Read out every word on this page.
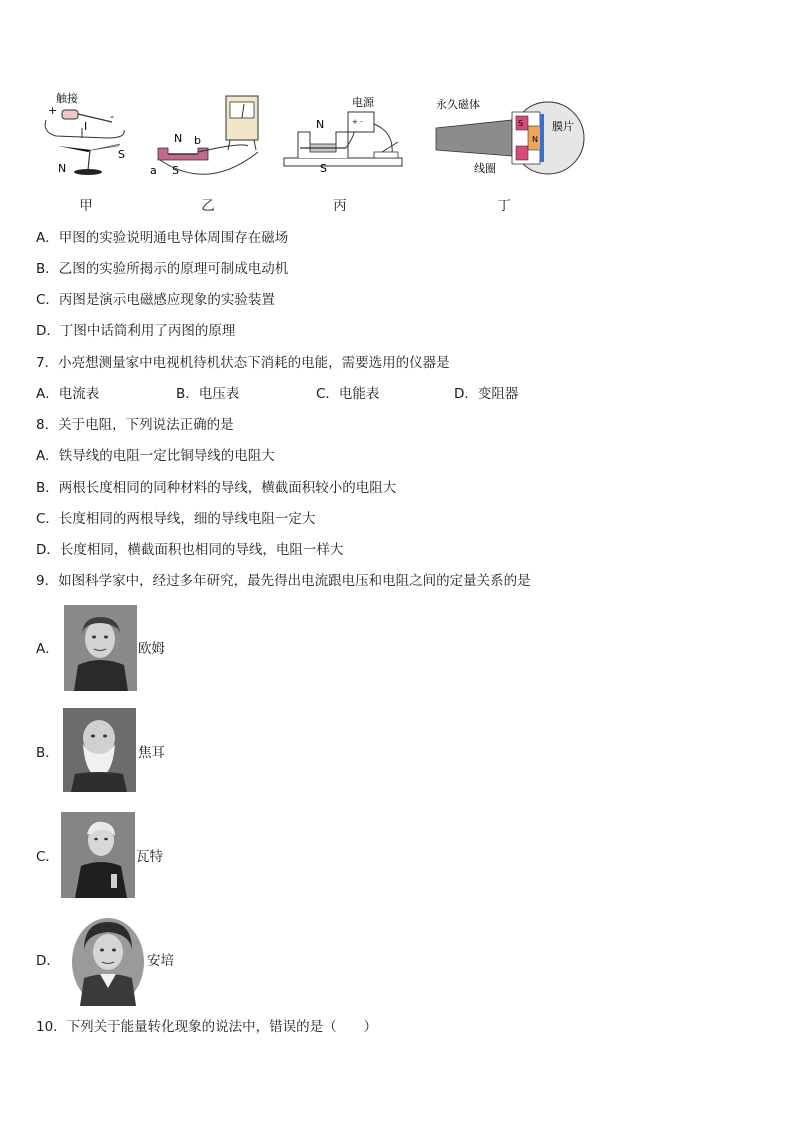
触接
+	-
I
N
S
甲
N b
a S
乙
+ -
电源
N
S
丙
永久磁体
膜片
线圈
S
N
丁
A．甲图的实验说明通电导体周围存在磁场
B．乙图的实验所揭示的原理可制成电动机
C．丙图是演示电磁感应现象的实验装置
D．丁图中话筒利用了丙图的原理
7．小亮想测量家中电视机待机状态下消耗的电能，需要选用的仪器是
A．电流表	B．电压表	C．电能表	D．变阻器
8．关于电阻，下列说法正确的是
A．铁导线的电阻一定比铜导线的电阻大
B．两根长度相同的同种材料的导线，横截面积较小的电阻大
C．长度相同的两根导线，细的导线电阻一定大
D．长度相同，横截面积也相同的导线，电阻一样大
9．如图科学家中，经过多年研究，最先得出电流跟电压和电阻之间的定量关系的是
A．	欧姆
B．	焦耳
C．	瓦特
D．	安培
10．下列关于能量转化现象的说法中，错误的是（　　）
